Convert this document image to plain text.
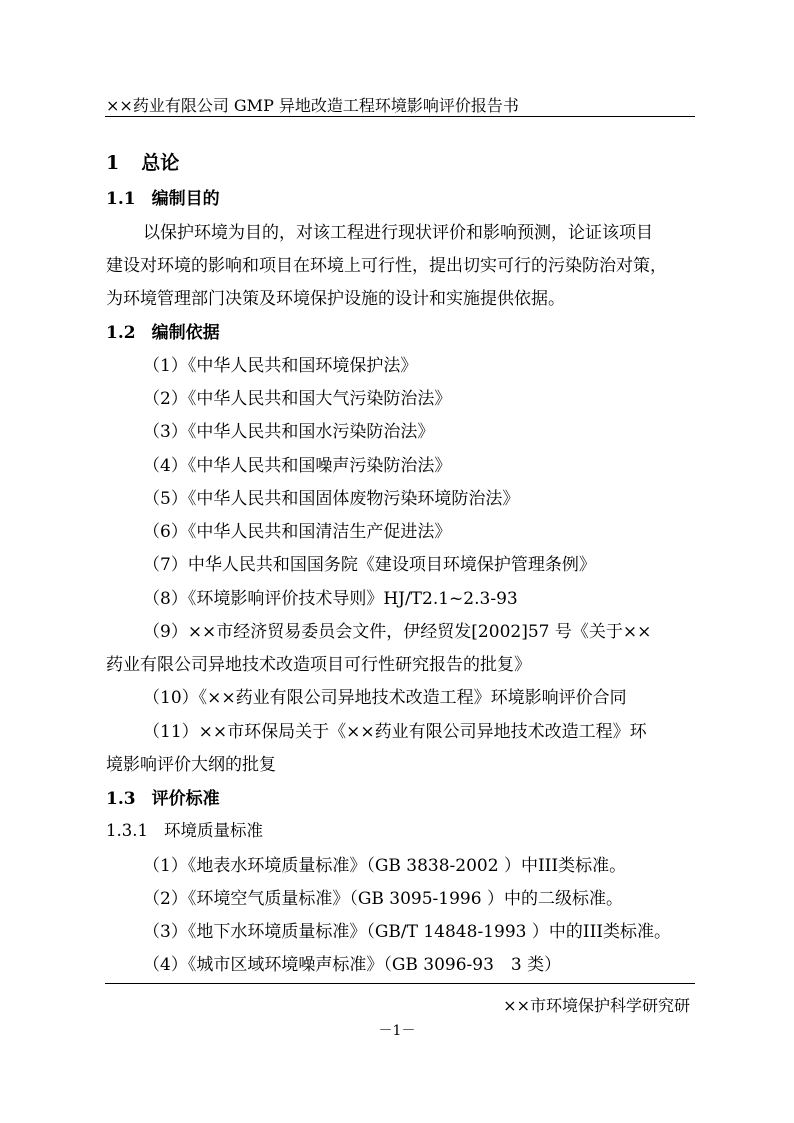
××药业有限公司 GMP 异地改造工程环境影响评价报告书
1 总论
1.1 编制目的
以保护环境为目的，对该工程进行现状评价和影响预测，论证该项目
建设对环境的影响和项目在环境上可行性，提出切实可行的污染防治对策，
为环境管理部门决策及环境保护设施的设计和实施提供依据。
1.2 编制依据
（1）《中华人民共和国环境保护法》
（2）《中华人民共和国大气污染防治法》
（3）《中华人民共和国水污染防治法》
（4）《中华人民共和国噪声污染防治法》
（5）《中华人民共和国固体废物污染环境防治法》
（6）《中华人民共和国清洁生产促进法》
（7）中华人民共和国国务院《建设项目环境保护管理条例》
（8）《环境影响评价技术导则》HJ/T2.1~2.3-93
（9）××市经济贸易委员会文件，伊经贸发[2002]57 号《关于××
药业有限公司异地技术改造项目可行性研究报告的批复》
（10）《××药业有限公司异地技术改造工程》环境影响评价合同
（11）××市环保局关于《××药业有限公司异地技术改造工程》环
境影响评价大纲的批复
1.3 评价标准
1.3.1 环境质量标准
（1）《地表水环境质量标准》（GB 3838-2002 ）中III类标准。
（2）《环境空气质量标准》（GB 3095-1996 ）中的二级标准。
（3）《地下水环境质量标准》（GB/T 14848-1993 ）中的III类标准。
（4）《城市区域环境噪声标准》（GB 3096-93　3 类）
××市环境保护科学研究研
－1－
